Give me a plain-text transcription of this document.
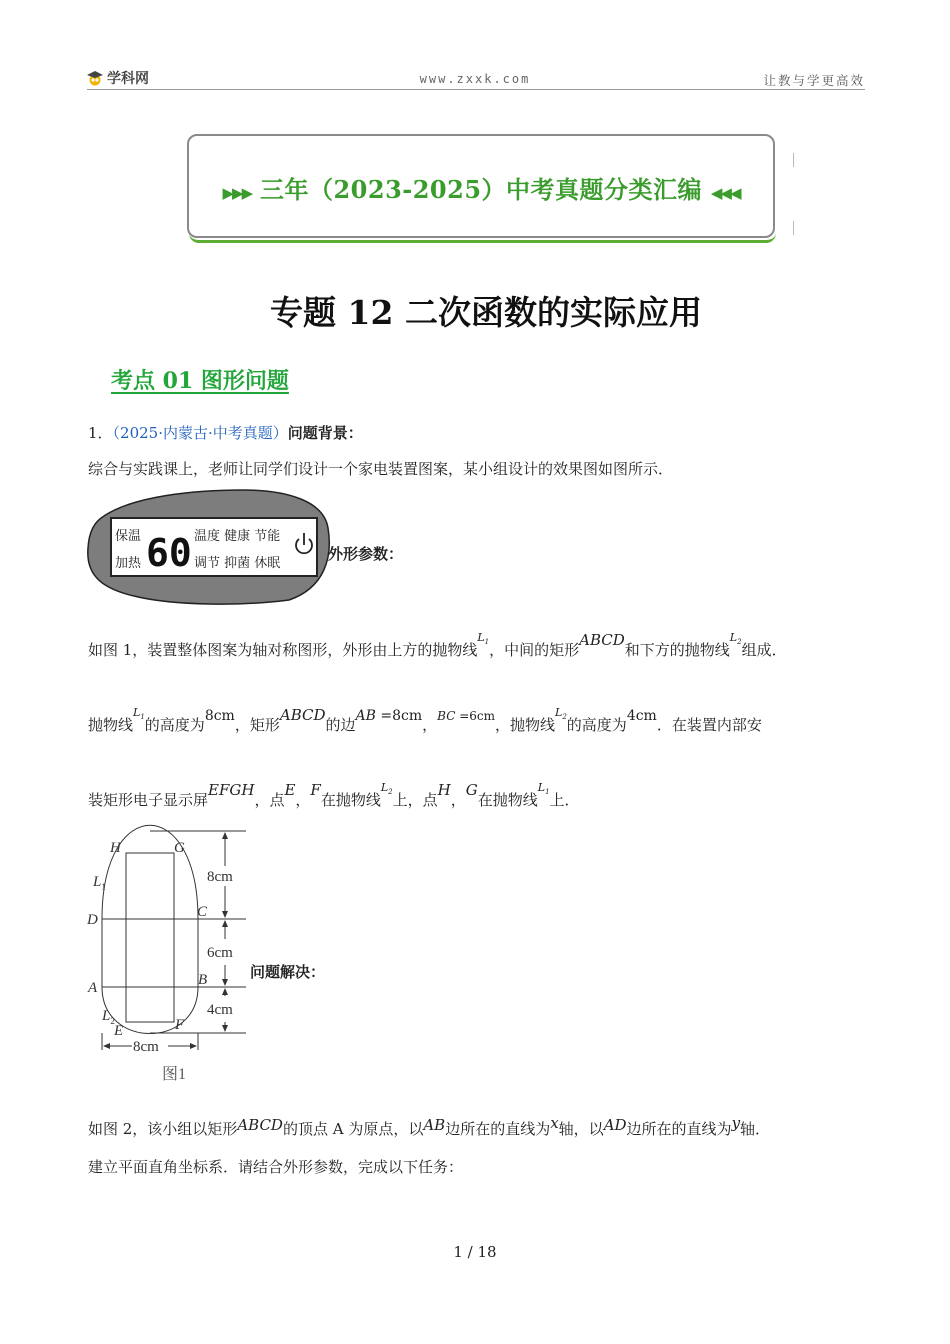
学科网	www.zxxk.com	让教与学更高效
▶▶▶ 三年（2023-2025）中考真题分类汇编 ◀◀◀
专题 12 二次函数的实际应用
考点 01 图形问题
1．（2025·内蒙古·中考真题）问题背景：
综合与实践课上，老师让同学们设计一个家电装置图案，某小组设计的效果图如图所示．
保温
加热 60 温度 健康 节能
调节 抑菌 休眠
外形参数：
如图 1，装置整体图案为轴对称图形，外形由上方的抛物线$^{L_1}$，中间的矩形ABCD和下方的抛物线$^{L_2}$组成．
抛物线$^{L_1}$的高度为8cm，矩形ABCD的边AB =8cm，$^{BC =6cm}$，抛物线$^{L_2}$的高度为4cm．在装置内部安
装矩形电子显示屏EFGH，点E，F在抛物线$^{L_2}$上，点H，G在抛物线$^{L_1}$上．
H	G
$L_1$
D	C
A	B
$L_2$
E	F
8cm
6cm
4cm
8cm
图1
问题解决：
如图 2，该小组以矩形ABCD的顶点 A 为原点，以AB边所在的直线为x轴，以AD边所在的直线为y轴．
建立平面直角坐标系．请结合外形参数，完成以下任务：
1 / 18
